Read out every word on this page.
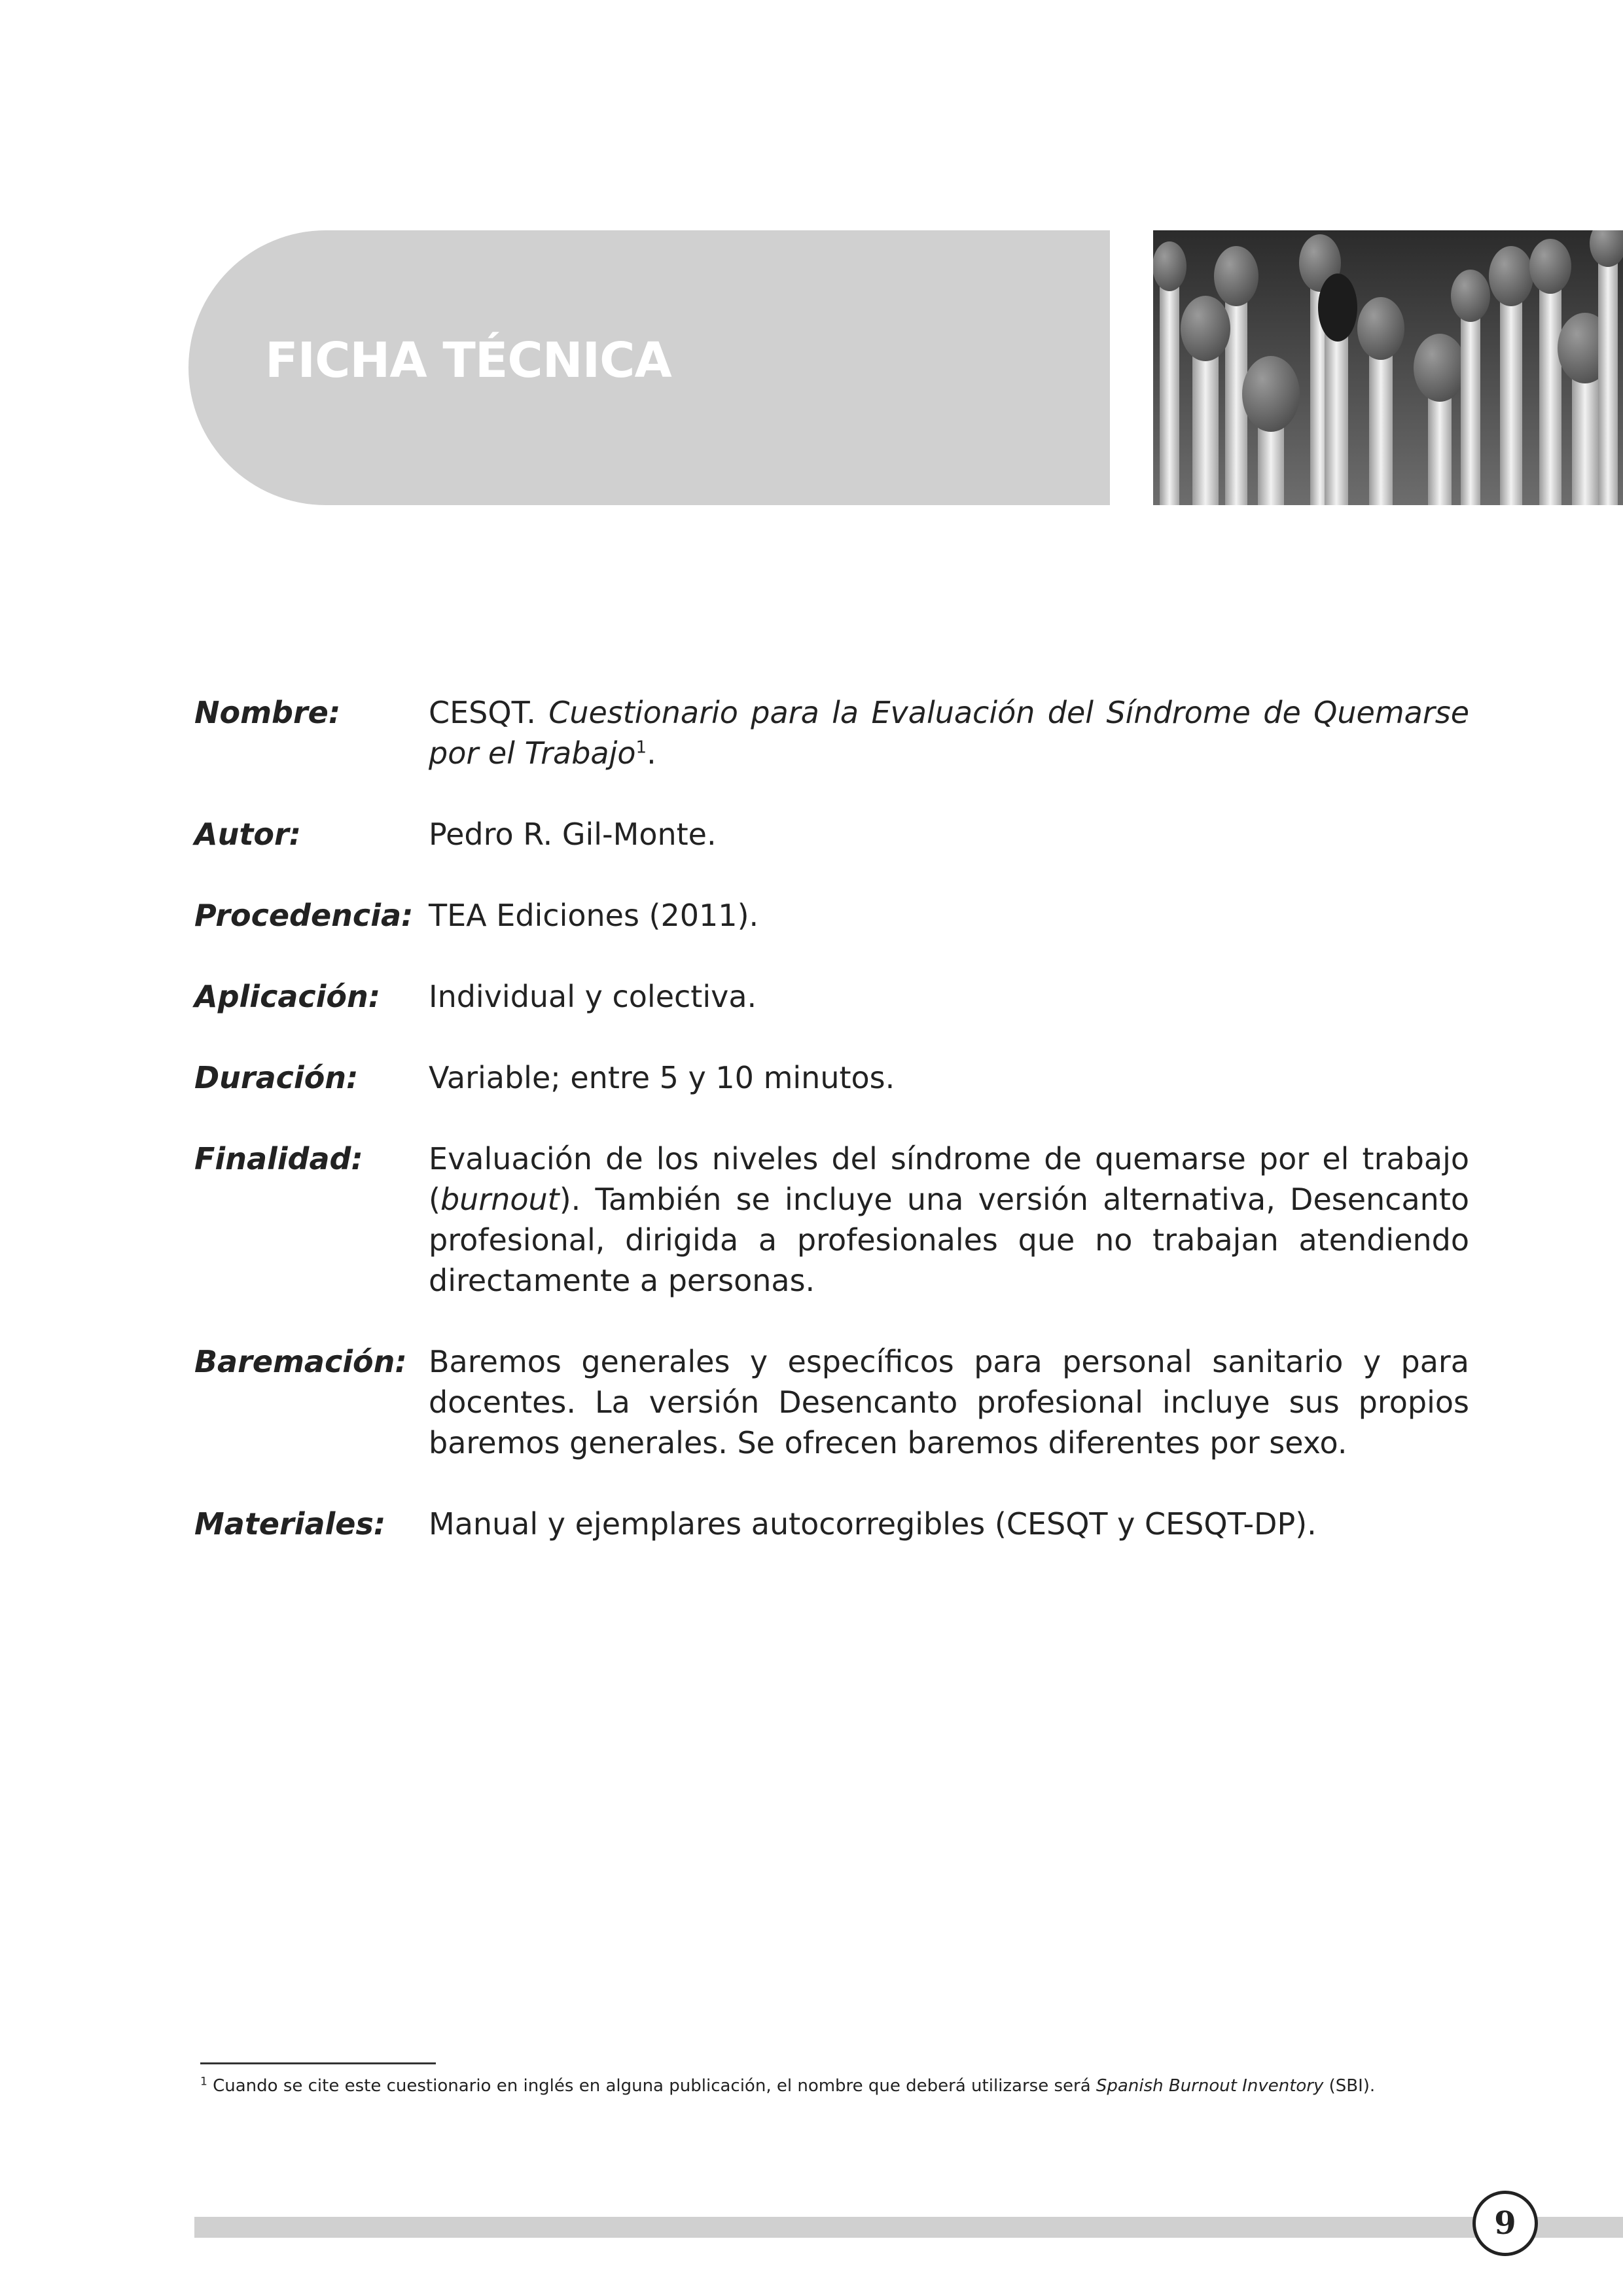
FICHA TÉCNICA
Nombre:	CESQT. Cuestionario para la Evaluación del Síndrome de Quemarse por el Trabajo$^1$.
Autor:	Pedro R. Gil-Monte.
Procedencia: TEA Ediciones (2011).
Aplicación:	Individual y colectiva.
Duración:	Variable; entre 5 y 10 minutos.
Finalidad:	Evaluación de los niveles del síndrome de quemarse por el trabajo (burnout). También se incluye una versión alternativa, Desencanto profesional, dirigida a profesionales que no trabajan atendiendo directamente a personas.
Baremación: Baremos generales y específicos para personal sanitario y para docentes. La versión Desencanto profesional incluye sus propios baremos generales. Se ofrecen baremos diferentes por sexo.
Materiales:	Manual y ejemplares autocorregibles (CESQT y CESQT-DP).
$^1$ Cuando se cite este cuestionario en inglés en alguna publicación, el nombre que deberá utilizarse será Spanish Burnout Inventory (SBI).
9
